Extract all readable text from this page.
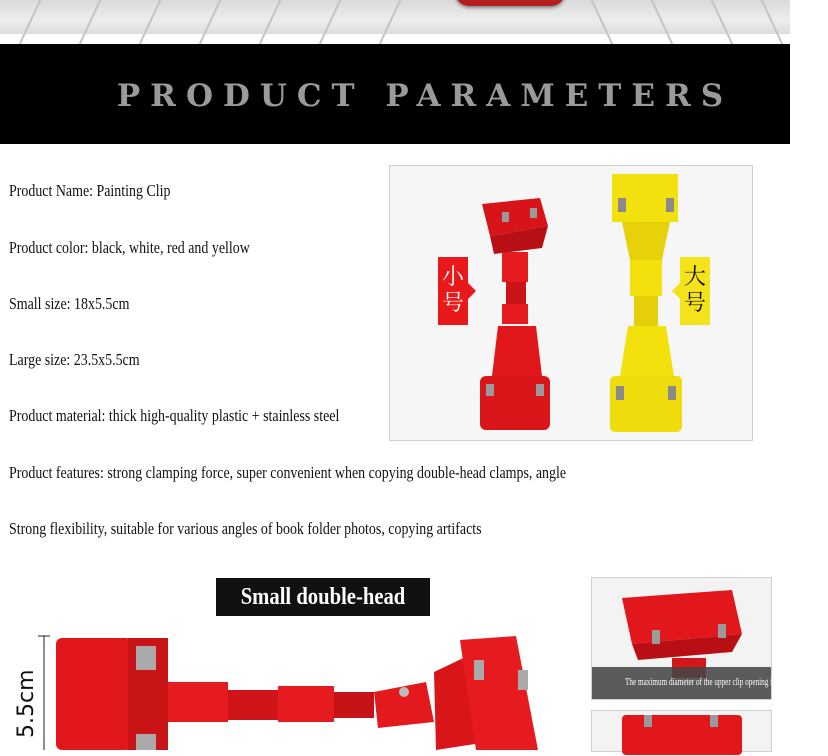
PRODUCT PARAMETERS
Product Name: Painting Clip
Product color: black, white, red and yellow
Small size: 18x5.5cm
Large size: 23.5x5.5cm
Product material: thick high-quality plastic + stainless steel
Product features: strong clamping force, super convenient when copying double-head clamps, angle
Strong flexibility, suitable for various angles of book folder photos, copying artifacts
小号
大号
Small double-head clip
5.5cm	The maximum diameter of the upper clip opening is 1.5cm
